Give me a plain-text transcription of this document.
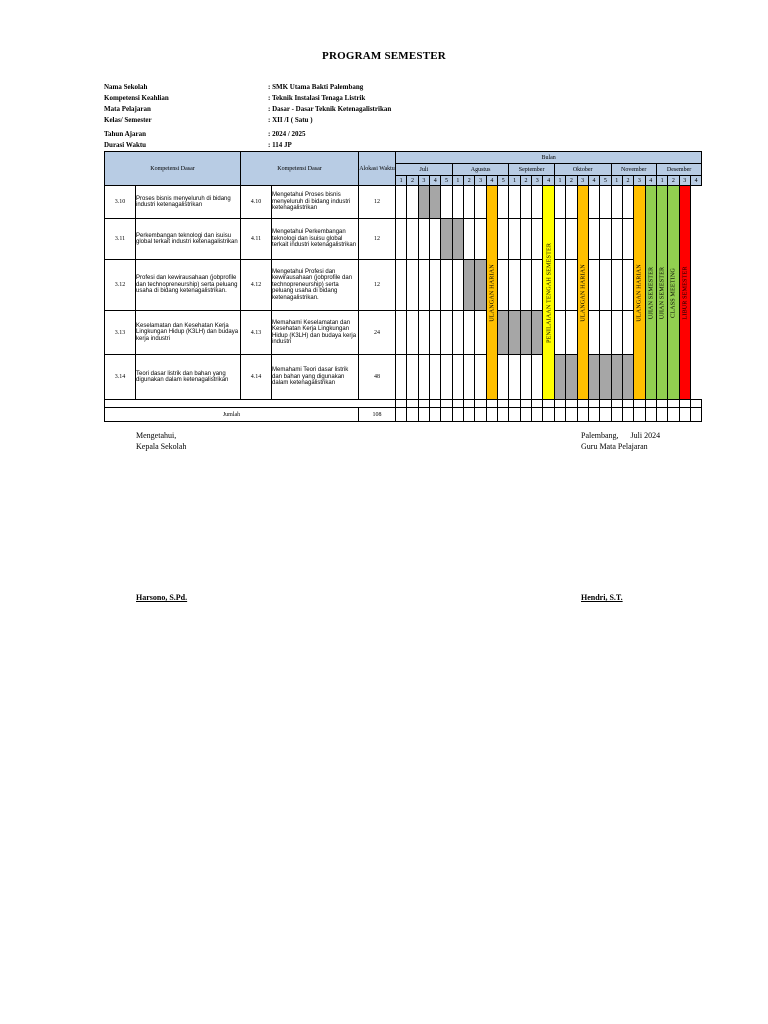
PROGRAM SEMESTER
Nama Sekolah	: SMK Utama Bakti Palembang
Kompetensi Keahlian	: Teknik Instalasi Tenaga Listrik
Mata Pelajaran	: Dasar - Dasar Teknik Ketenagalistrikan
Kelas/ Semester	: XII /I ( Satu )
Tahun Ajaran	: 2024 / 2025
Durasi Waktu	: 114 JP
Kompetensi Dasar		Kompetensi Dasar		Alokasi Waktu	Bulan																										
					Juli					Agustus					September				Oktober					November				Desember			
					1	2	3	4	5	1	2	3	4	5	1	2	3	4	1	2	3	4	5	1	2	3	4	1	2	3	4
3.10	Proses bisnis menyeluruh di bidang industri ketenagalistrikan	4.10	Mengetahui Proses bisnis menyeluruh di bidang industri ketenagalistrikan	12									ULANGAN HARIAN					PENILAIAAN TENGAH SEMESTER			ULANGAN HARIAN					ULANGAN HARIAN	UJIAN SEMESTER	UJIAN SEMESTER	CLASS MEETING	LIBUR SEMESTER	

3.11	Perkembangan teknologi dan isuisu global terkait industri ketenagalistrikan	4.11	Mengetahui Perkembangan teknologi dan isuisu global terkait industri ketenagalistrikan	12																											
3.12	Profesi dan kewirausahaan (jobprofile dan technopreneurship) serta peluang usaha di bidang ketenagalistrikan.	4.12	Mengetahui Profesi dan kewirausahaan (jobprofile dan technopreneurship) serta peluang usaha di bidang ketenagalistrikan.	12																											
3.13	Keselamatan dan Kesehatan Kerja Lingkungan Hidup (K3LH) dan budaya kerja industri	4.13	Memahami Keselamatan dan Kesehatan Kerja Lingkungan Hidup (K3LH) dan budaya kerja industri	24																											
3.14	Teori dasar listrik dan bahan yang digunakan dalam ketenagalistrikan	4.14	Memahami Teori dasar listrik dan bahan yang digunakan dalam ketenagalistrikan	48																											

Jumlah				108																											
Mengetahui,
Kepala Sekolah
Harsono, S.Pd.
Palembang,      Juli 2024
Guru Mata Pelajaran
Hendri, S.T.
